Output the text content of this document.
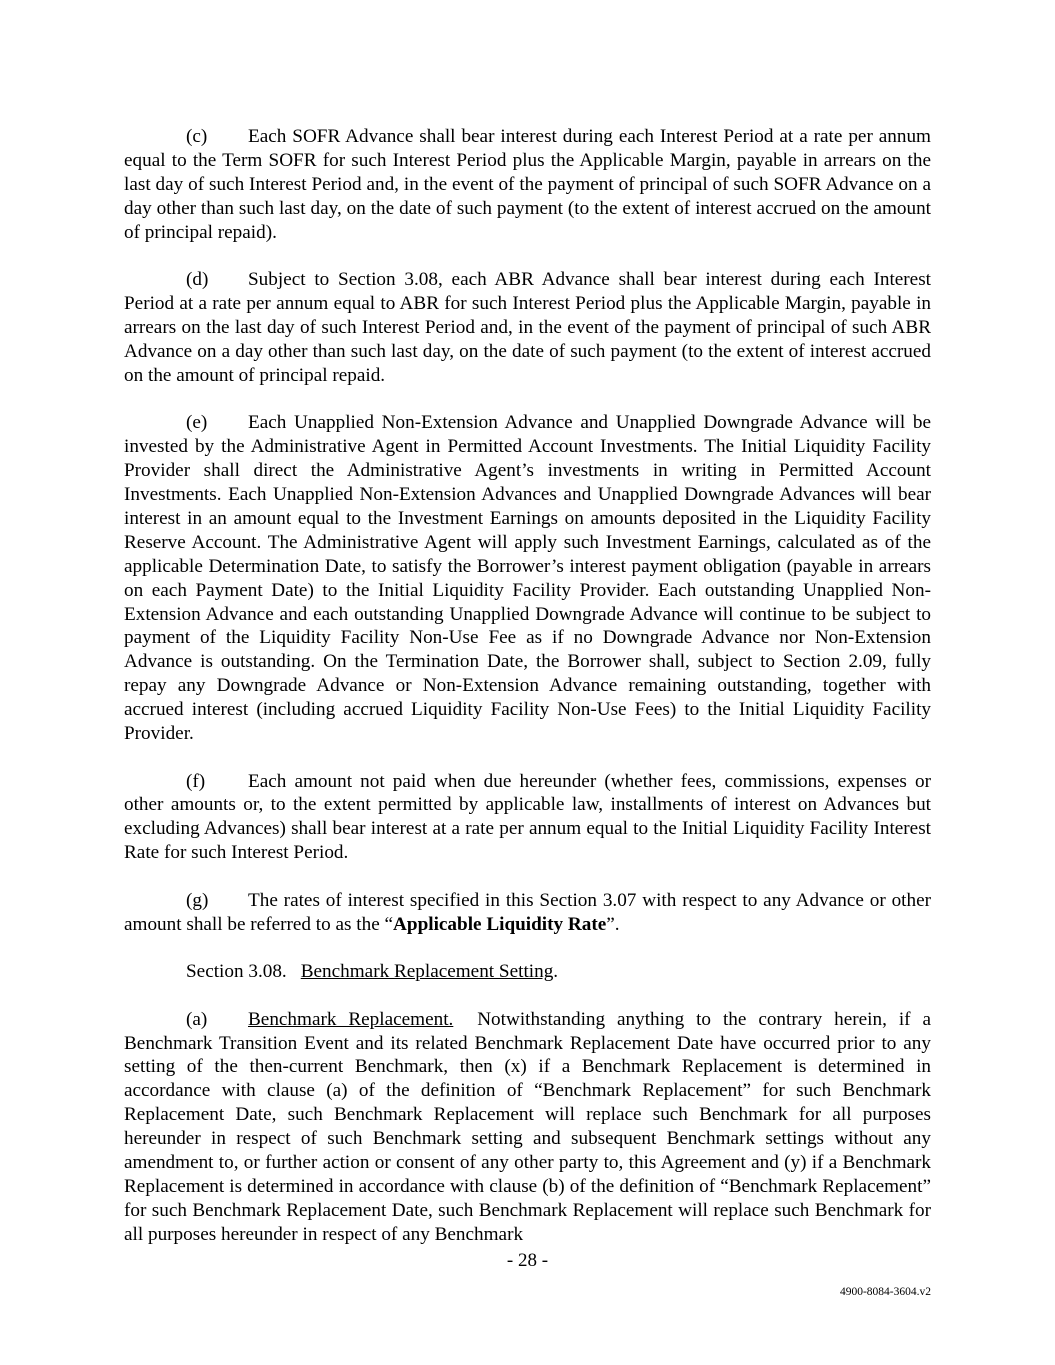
(c) Each SOFR Advance shall bear interest during each Interest Period at a rate per annum equal to the Term SOFR for such Interest Period plus the Applicable Margin, payable in arrears on the last day of such Interest Period and, in the event of the payment of principal of such SOFR Advance on a day other than such last day, on the date of such payment (to the extent of interest accrued on the amount of principal repaid).

(d) Subject to Section 3.08, each ABR Advance shall bear interest during each Interest Period at a rate per annum equal to ABR for such Interest Period plus the Applicable Margin, payable in arrears on the last day of such Interest Period and, in the event of the payment of principal of such ABR Advance on a day other than such last day, on the date of such payment (to the extent of interest accrued on the amount of principal repaid.

(e) Each Unapplied Non-Extension Advance and Unapplied Downgrade Advance will be invested by the Administrative Agent in Permitted Account Investments. The Initial Liquidity Facility Provider shall direct the Administrative Agent’s investments in writing in Permitted Account Investments. Each Unapplied Non-Extension Advances and Unapplied Downgrade Advances will bear interest in an amount equal to the Investment Earnings on amounts deposited in the Liquidity Facility Reserve Account. The Administrative Agent will apply such Investment Earnings, calculated as of the applicable Determination Date, to satisfy the Borrower’s interest payment obligation (payable in arrears on each Payment Date) to the Initial Liquidity Facility Provider. Each outstanding Unapplied Non-Extension Advance and each outstanding Unapplied Downgrade Advance will continue to be subject to payment of the Liquidity Facility Non-Use Fee as if no Downgrade Advance nor Non-Extension Advance is outstanding. On the Termination Date, the Borrower shall, subject to Section 2.09, fully repay any Downgrade Advance or Non-Extension Advance remaining outstanding, together with accrued interest (including accrued Liquidity Facility Non-Use Fees) to the Initial Liquidity Facility Provider.

(f) Each amount not paid when due hereunder (whether fees, commissions, expenses or other amounts or, to the extent permitted by applicable law, installments of interest on Advances but excluding Advances) shall bear interest at a rate per annum equal to the Initial Liquidity Facility Interest Rate for such Interest Period.

(g) The rates of interest specified in this Section 3.07 with respect to any Advance or other amount shall be referred to as the “Applicable Liquidity Rate”.

Section 3.08. Benchmark Replacement Setting.

(a) Benchmark Replacement. Notwithstanding anything to the contrary herein, if a Benchmark Transition Event and its related Benchmark Replacement Date have occurred prior to any setting of the then-current Benchmark, then (x) if a Benchmark Replacement is determined in accordance with clause (a) of the definition of “Benchmark Replacement” for such Benchmark Replacement Date, such Benchmark Replacement will replace such Benchmark for all purposes hereunder in respect of such Benchmark setting and subsequent Benchmark settings without any amendment to, or further action or consent of any other party to, this Agreement and (y) if a Benchmark Replacement is determined in accordance with clause (b) of the definition of “Benchmark Replacement” for such Benchmark Replacement Date, such Benchmark Replacement will replace such Benchmark for all purposes hereunder in respect of any Benchmark

- 28 -
4900-8084-3604.v2
